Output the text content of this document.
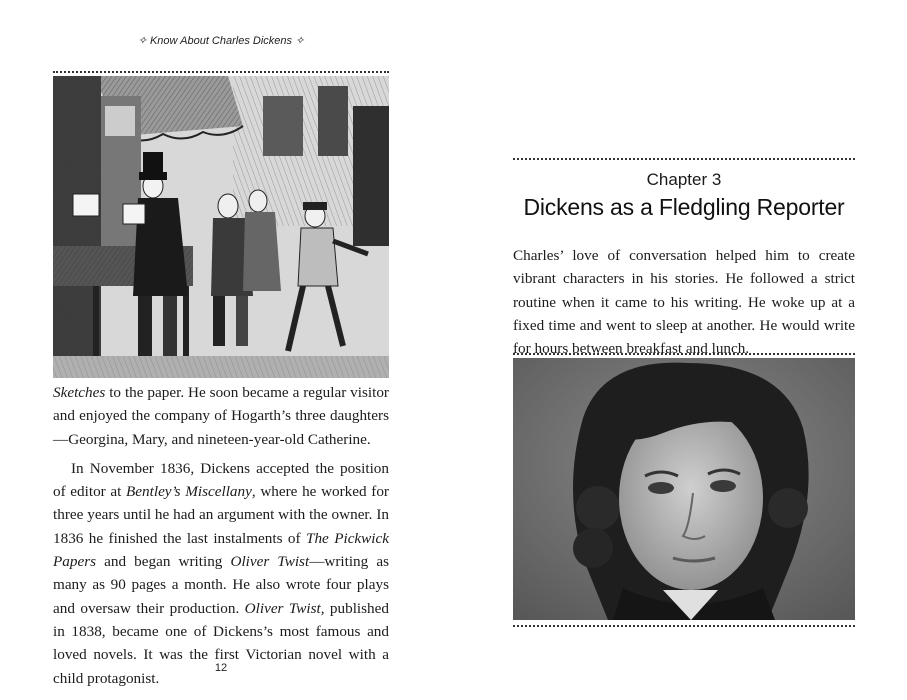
✧ Know About Charles Dickens ✧

Sketches to the paper. He soon became a regular visitor and enjoyed the company of Hogarth’s three daughters—Georgina, Mary, and nineteen-year-old Catherine.

In November 1836, Dickens accepted the position of editor at Bentley’s Miscellany, where he worked for three years until he had an argument with the owner. In 1836 he finished the last instalments of The Pickwick Papers and began writing Oliver Twist—writing as many as 90 pages a month. He also wrote four plays and oversaw their production. Oliver Twist, published in 1838, became one of Dickens’s most famous and loved novels. It was the first Victorian novel with a child protagonist.

12
Chapter 3
Dickens as a Fledgling Reporter

Charles’ love of conversation helped him to create vibrant characters in his stories. He followed a strict routine when it came to his writing. He woke up at a fixed time and went to sleep at another. He would write for hours between breakfast and lunch.
